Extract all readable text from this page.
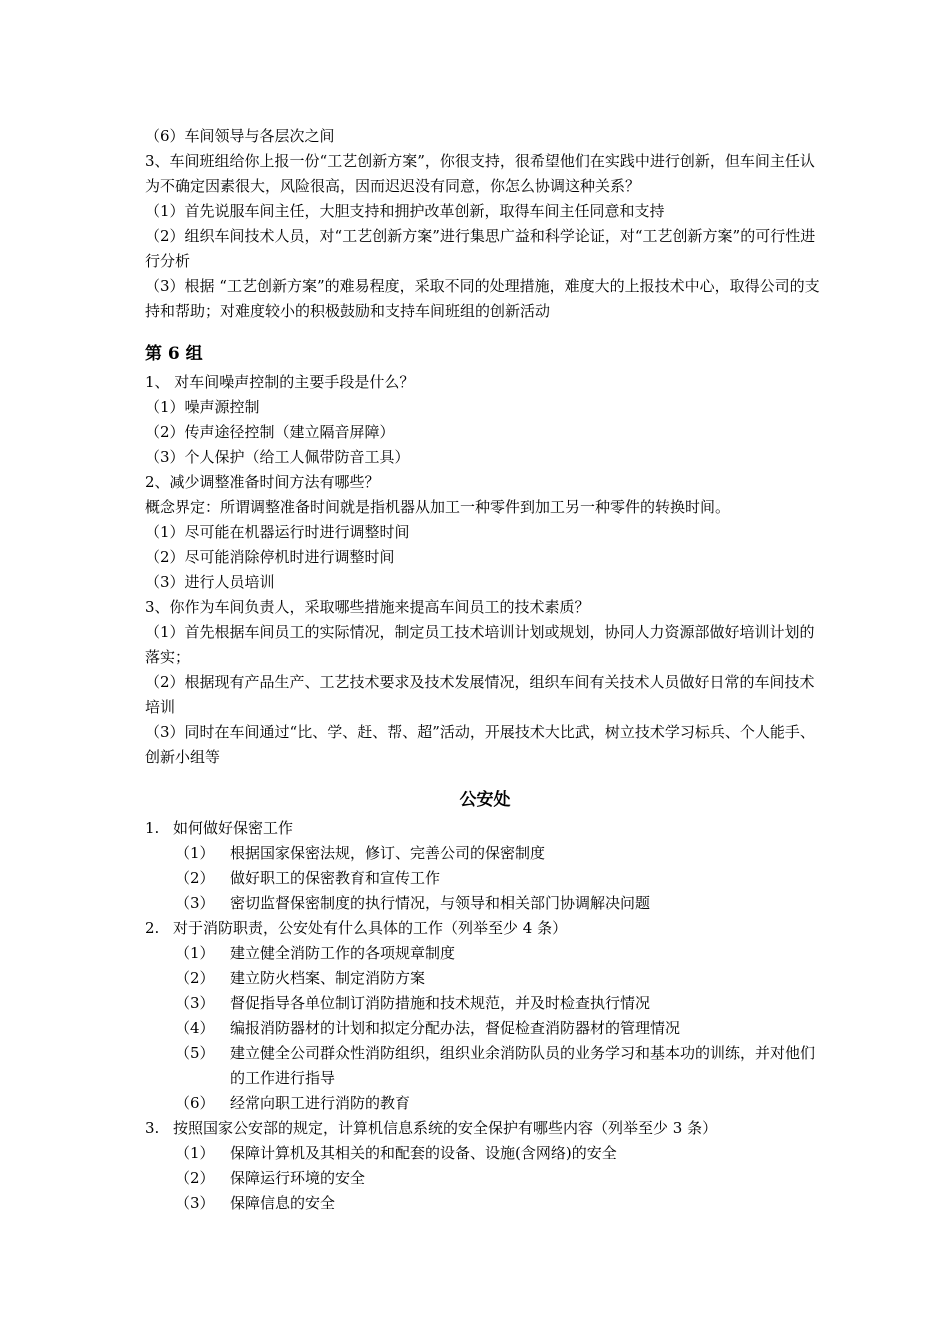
（6）车间领导与各层次之间
3、车间班组给你上报一份“工艺创新方案”，你很支持，很希望他们在实践中进行创新，但车间主任认为不确定因素很大，风险很高，因而迟迟没有同意，你怎么协调这种关系？
（1）首先说服车间主任，大胆支持和拥护改革创新，取得车间主任同意和支持
（2）组织车间技术人员，对“工艺创新方案”进行集思广益和科学论证，对“工艺创新方案”的可行性进行分析
（3）根据 “工艺创新方案”的难易程度，采取不同的处理措施，难度大的上报技术中心，取得公司的支持和帮助；对难度较小的积极鼓励和支持车间班组的创新活动
第 6 组
1、 对车间噪声控制的主要手段是什么？
（1）噪声源控制
（2）传声途径控制（建立隔音屏障）
（3）个人保护（给工人佩带防音工具）
2、减少调整准备时间方法有哪些？
概念界定：所谓调整准备时间就是指机器从加工一种零件到加工另一种零件的转换时间。
（1）尽可能在机器运行时进行调整时间
（2）尽可能消除停机时进行调整时间
（3）进行人员培训
3、你作为车间负责人，采取哪些措施来提高车间员工的技术素质？
（1）首先根据车间员工的实际情况，制定员工技术培训计划或规划，协同人力资源部做好培训计划的落实；
（2）根据现有产品生产、工艺技术要求及技术发展情况，组织车间有关技术人员做好日常的车间技术培训
（3）同时在车间通过“比、学、赶、帮、超”活动，开展技术大比武，树立技术学习标兵、个人能手、创新小组等
公安处
1. 如何做好保密工作
（1）	根据国家保密法规，修订、完善公司的保密制度
（2）	做好职工的保密教育和宣传工作
（3）	密切监督保密制度的执行情况，与领导和相关部门协调解决问题
2. 对于消防职责，公安处有什么具体的工作（列举至少 4 条）
（1）	建立健全消防工作的各项规章制度
（2）	建立防火档案、制定消防方案
（3）	督促指导各单位制订消防措施和技术规范，并及时检查执行情况
（4）	编报消防器材的计划和拟定分配办法，督促检查消防器材的管理情况
（5）	建立健全公司群众性消防组织，组织业余消防队员的业务学习和基本功的训练，并对他们的工作进行指导
（6）	经常向职工进行消防的教育
3. 按照国家公安部的规定，计算机信息系统的安全保护有哪些内容（列举至少 3 条）
（1）	保障计算机及其相关的和配套的设备、设施(含网络)的安全
（2）	保障运行环境的安全
（3）	保障信息的安全
